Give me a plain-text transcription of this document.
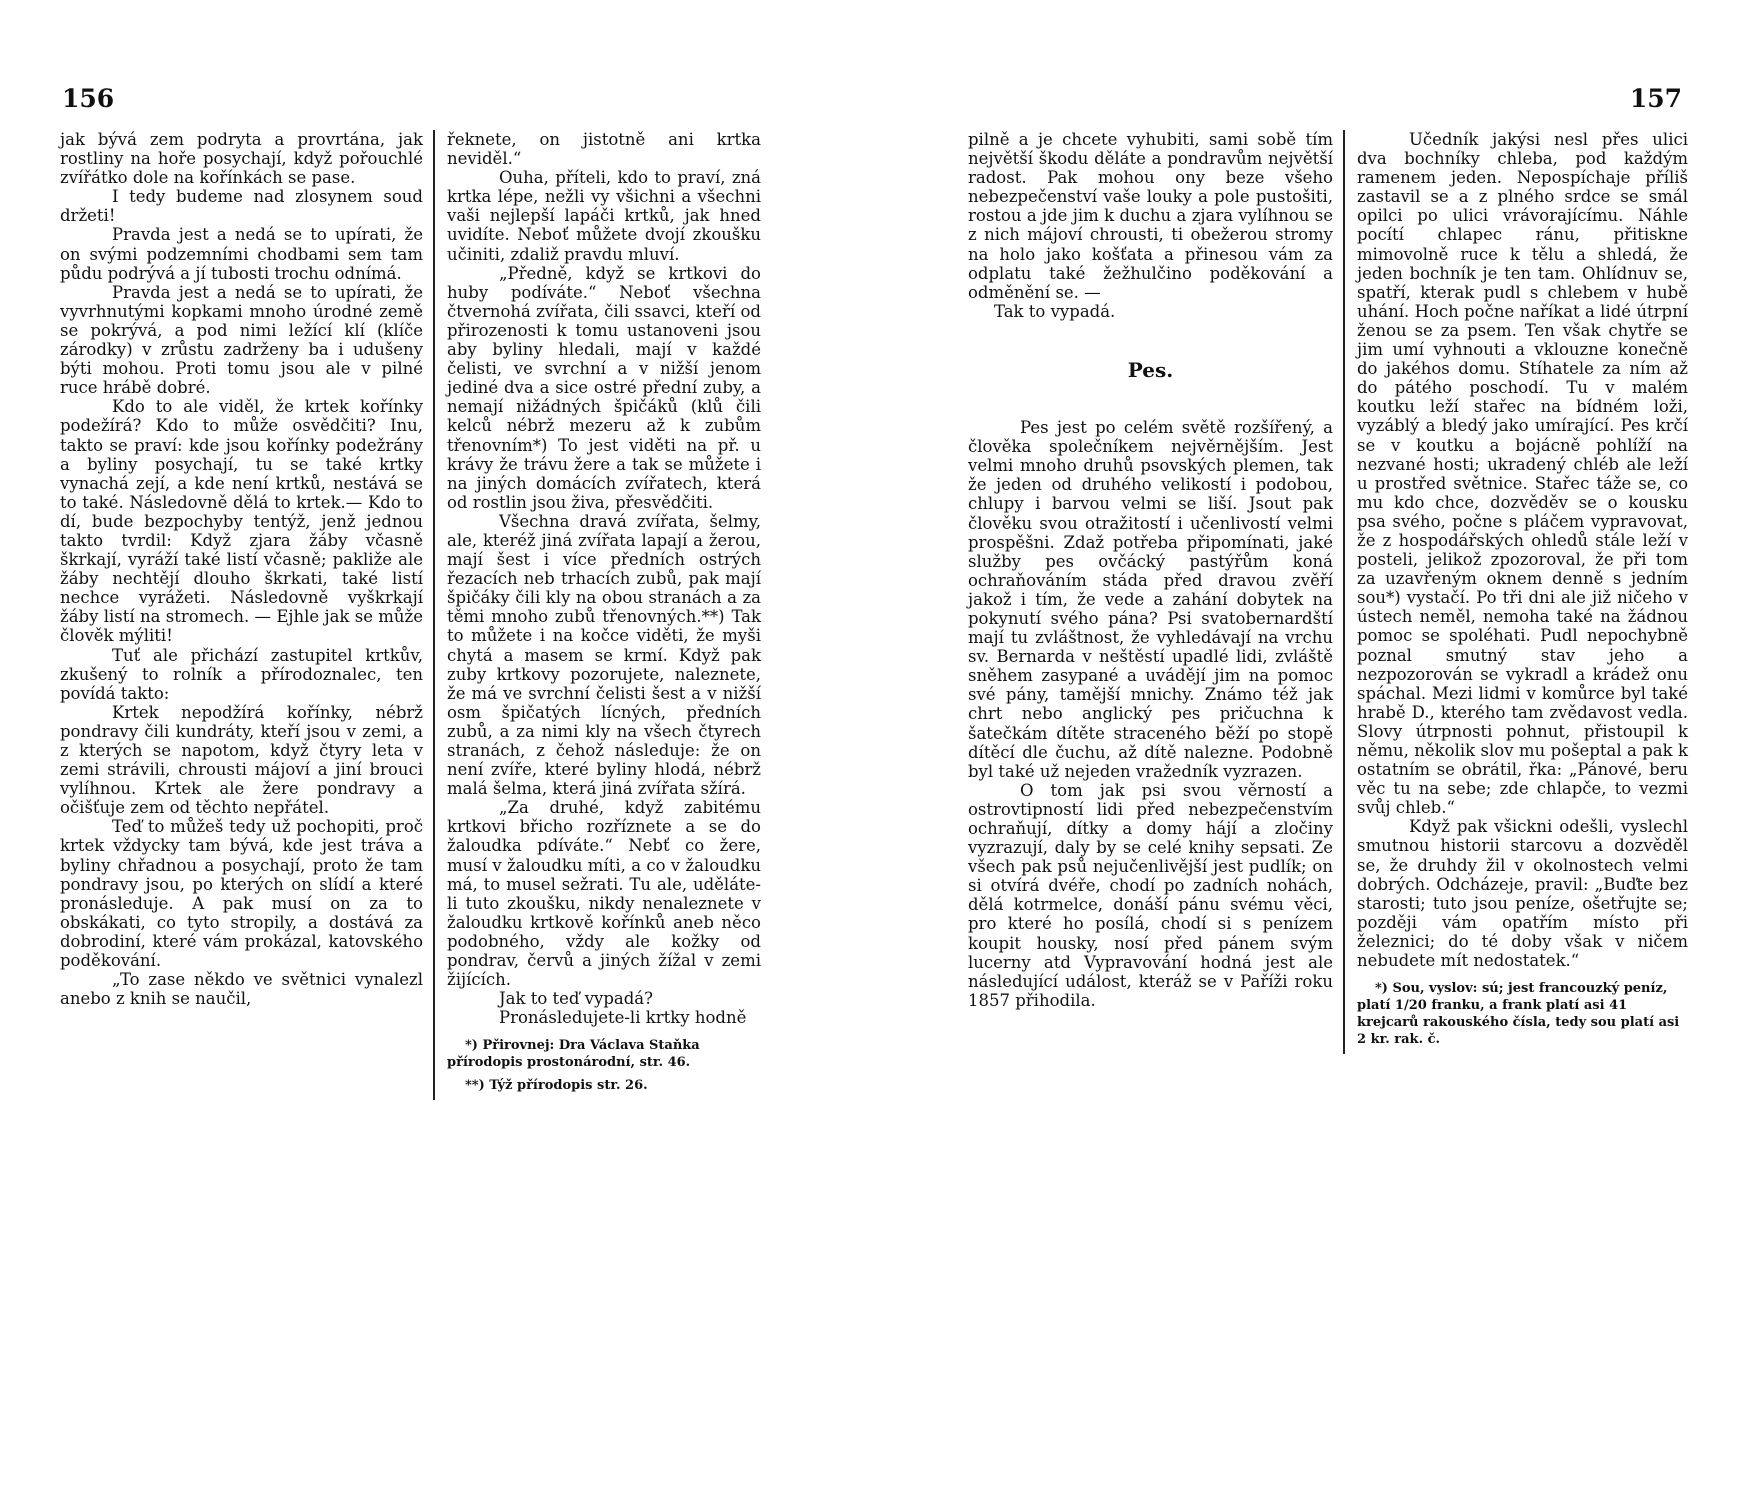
156

jak bývá zem podryta a provrtána, jak rostliny na hoře posychají, když pořouchlé zvířátko dole na kořínkách se pase.

I tedy budeme nad zlosynem soud držeti!

Pravda jest a nedá se to upírati, že on svými podzemními chodbami sem tam půdu podrývá a jí tubosti trochu odnímá.

Pravda jest a nedá se to upírati, že vyvrhnutými kopkami mnoho úrodné země se pokrývá, a pod nimi ležící klí (klíče zárodky) v zrůstu zadrženy ba i udušeny býti mohou. Proti tomu jsou ale v pilné ruce hrábě dobré.

Kdo to ale viděl, že krtek kořínky podežírá? Kdo to může osvědčiti? Inu, takto se praví: kde jsou kořínky podežrány a byliny posychají, tu se také krtky vynachá zejí, a kde není krtků, nestává se to také. Následovně dělá to krtek.— Kdo to dí, bude bezpochyby tentýž, jenž jednou takto tvrdil: Když zjara žáby včasně škrkají, vyráží také listí včasně; pakliže ale žáby nechtějí dlouho škrkati, také listí nechce vyrážeti. Následovně vyškrkají žáby listí na stromech. — Ejhle jak se může člověk mýliti!

Tuť ale přichází zastupitel krtkův, zkušený to rolník a přírodoznalec, ten povídá takto:

Krtek nepodžírá kořínky, nébrž pondravy čili kundráty, kteří jsou v zemi, a z kterých se napotom, když čtyry leta v zemi strávili, chrousti májoví a jiní brouci vylíhnou. Krtek ale žere pondravy a očišťuje zem od těchto nepřátel.

Teď to můžeš tedy už pochopiti, proč krtek vždycky tam bývá, kde jest tráva a byliny chřadnou a posychají, proto že tam pondravy jsou, po kterých on slídí a které pronásleduje. A pak musí on za to obskákati, co tyto stropily, a dostává za dobrodiní, které vám prokázal, katovského poděkování.

„To zase někdo ve světnici vynalezl anebo z knih se naučil,

řeknete, on jistotně ani krtka neviděl.“

Ouha, příteli, kdo to praví, zná krtka lépe, nežli vy všichni a všechni vaši nejlepší lapáči krtků, jak hned uvidíte. Neboť můžete dvojí zkoušku učiniti, zdaliž pravdu mluví.

„Předně, když se krtkovi do huby podíváte.“ Neboť všechna čtvernohá zvířata, čili ssavci, kteří od přirozenosti k tomu ustanoveni jsou aby byliny hledali, mají v každé čelisti, ve svrchní a v nižší jenom jediné dva a sice ostré přední zuby, a nemají nižádných špičáků (klů čili kelců nébrž mezeru až k zubům třenovním*) To jest viděti na př. u krávy že trávu žere a tak se můžete i na jiných domácích zvířatech, která od rostlin jsou živa, přesvědčiti.

Všechna dravá zvířata, šelmy, ale, kteréž jiná zvířata lapají a žerou, mají šest i více předních ostrých řezacích neb trhacích zubů, pak mají špičáky čili kly na obou stranách a za těmi mnoho zubů třenovných.**) Tak to můžete i na kočce viděti, že myši chytá a masem se krmí. Když pak zuby krtkovy pozorujete, naleznete, že má ve svrchní čelisti šest a v nižší osm špičatých lícných, předních zubů, a za nimi kly na všech čtyrech stranách, z čehož následuje: že on není zvíře, které byliny hlodá, nébrž malá šelma, která jiná zvířata sžírá.

„Za druhé, když zabitému krtkovi břicho rozříznete a se do žaloudka pdíváte.“ Nebť co žere, musí v žaloudku míti, a co v žaloudku má, to musel sežrati. Tu ale, uděláte-li tuto zkoušku, nikdy nenaleznete v žaloudku krtkově kořínků aneb něco podobného, vždy ale kožky od pondrav, červů a jiných žížal v zemi žijících.

Jak to teď vypadá?

Pronásledujete-li krtky hodně

*) Přirovnej: Dra Václava Staňka přírodopis prostonárodní, str. 46.

**) Týž přírodopis str. 26.

157

pilně a je chcete vyhubiti, sami sobě tím největší škodu děláte a pondravům největší radost. Pak mohou ony beze všeho nebezpečenství vaše louky a pole pustošiti, rostou a jde jim k duchu a zjara vylíhnou se z nich májoví chrousti, ti obežerou stromy na holo jako košťata a přinesou vám za odplatu také žežhulčino poděkování a odměnění se. —

Tak to vypadá.

Pes.

Pes jest po celém světě rozšířený, a člověka společníkem nejvěrnějším. Jest velmi mnoho druhů psovských plemen, tak že jeden od druhého velikostí i podobou, chlupy i barvou velmi se liší. Jsout pak člověku svou otražitostí i učenlivostí velmi prospěšni. Zdaž potřeba připomínati, jaké služby pes ovčácký pastýřům koná ochraňováním stáda před dravou zvěří jakož i tím, že vede a zahání dobytek na pokynutí svého pána? Psi svatobernardští mají tu zvláštnost, že vyhledávají na vrchu sv. Bernarda v neštěstí upadlé lidi, zvláště sněhem zasypané a uvádějí jim na pomoc své pány, tamější mnichy. Známo též jak chrt nebo anglický pes pričuchna k šatečkám dítěte straceného běží po stopě dítěcí dle čuchu, až dítě nalezne. Podobně byl také už nejeden vražedník vyzrazen.

O tom jak psi svou věrností a ostrovtipností lidi před nebezpečenstvím ochraňují, dítky a domy hájí a zločiny vyzrazují, daly by se celé knihy sepsati. Ze všech pak psů nejučenlivější jest pudlík; on si otvírá dvéře, chodí po zadních nohách, dělá kotrmelce, donáší pánu svému věci, pro které ho posílá, chodí si s penízem koupit housky, nosí před pánem svým lucerny atd Vypravování hodná jest ale následující událost, kteráž se v Paříži roku 1857 přihodila.

Učedník jakýsi nesl přes ulici dva bochníky chleba, pod každým ramenem jeden. Nepospíchaje příliš zastavil se a z plného srdce se smál opilci po ulici vrávorajícímu. Náhle pocítí chlapec ránu, přitiskne mimovolně ruce k tělu a shledá, že jeden bochník je ten tam. Ohlídnuv se, spatří, kterak pudl s chlebem v hubě uhání. Hoch počne naříkat a lidé útrpní ženou se za psem. Ten však chytře se jim umí vyhnouti a vklouzne konečně do jakéhos domu. Stíhatele za ním až do pátého poschodí. Tu v malém koutku leží stařec na bídném loži, vyzáblý a bledý jako umírající. Pes krčí se v koutku a bojácně pohlíží na nezvané hosti; ukradený chléb ale leží u prostřed světnice. Stařec táže se, co mu kdo chce, dozvěděv se o kousku psa svého, počne s pláčem vypravovat, že z hospodářských ohledů stále leží v posteli, jelikož zpozoroval, že při tom za uzavřeným oknem denně s jedním sou*) vystačí. Po tři dni ale již ničeho v ústech neměl, nemoha také na žádnou pomoc se spoléhati. Pudl nepochybně poznal smutný stav jeho a nezpozorován se vykradl a krádež onu spáchal. Mezi lidmi v komůrce byl také hrabě D., kterého tam zvědavost vedla. Slovy útrpnosti pohnut, přistoupil k němu, několik slov mu pošeptal a pak k ostatním se obrátil, řka: „Pánové, beru věc tu na sebe; zde chlapče, to vezmi svůj chleb.“

Když pak všickni odešli, vyslechl smutnou historii starcovu a dozvěděl se, že druhdy žil v okolnostech velmi dobrých. Odcházeje, pravil: „Buďte bez starosti; tuto jsou peníze, ošetřujte se; později vám opatřím místo při železnici; do té doby však v ničem nebudete mít nedostatek.“

*) Sou, vyslov: sú; jest francouzký peníz, platí 1/20 franku, a frank platí asi 41 krejcarů rakouského čísla, tedy sou platí asi 2 kr. rak. č.
